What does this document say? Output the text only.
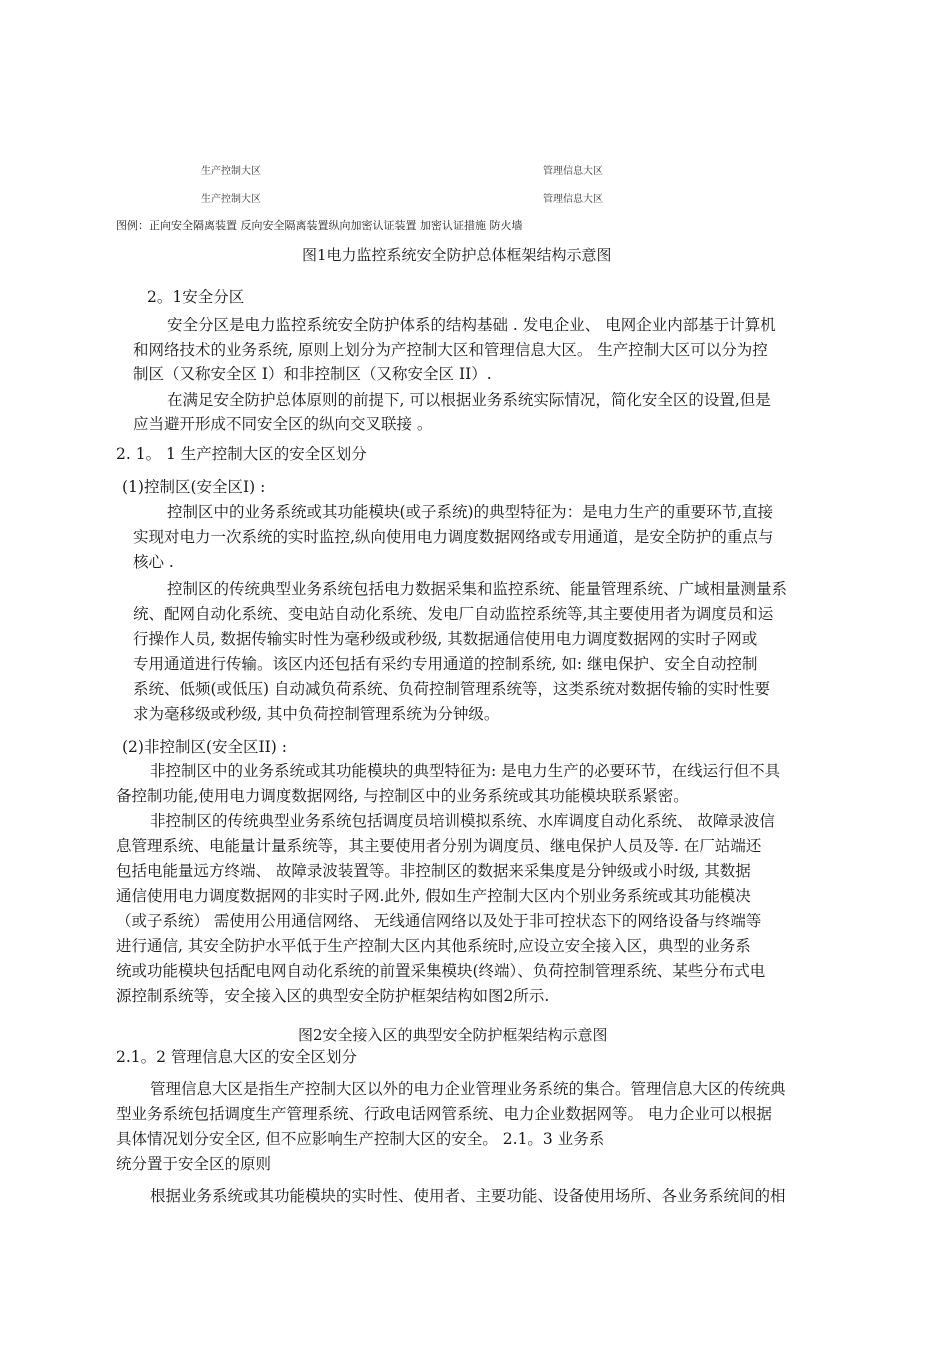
生产控制大区	管理信息大区
生产控制大区	管理信息大区
图例：正向安全隔离装置 反向安全隔离装置纵向加密认证装置 加密认证措施 防火墙
图1电力监控系统安全防护总体框架结构示意图
2。1安全分区
安全分区是电力监控系统安全防护体系的结构基础 . 发电企业、 电网企业内部基于计算机
和网络技术的业务系统, 原则上划分为产控制大区和管理信息大区。 生产控制大区可以分为控
制区（又称安全区 I）和非控制区（又称安全区 II）.
在满足安全防护总体原则的前提下, 可以根据业务系统实际情况，简化安全区的设置,但是
应当避开形成不同安全区的纵向交叉联接 。
2. 1。 1 生产控制大区的安全区划分
(1)控制区(安全区I) :
控制区中的业务系统或其功能模块(或子系统)的典型特征为：是电力生产的重要环节,直接
实现对电力一次系统的实时监控,纵向使用电力调度数据网络或专用通道，是安全防护的重点与
核心 .
控制区的传统典型业务系统包括电力数据采集和监控系统、能量管理系统、广域相量测量系
统、配网自动化系统、变电站自动化系统、发电厂自动监控系统等,其主要使用者为调度员和运
行操作人员, 数据传输实时性为毫秒级或秒级, 其数据通信使用电力调度数据网的实时子网或
专用通道进行传输。该区内还包括有采约专用通道的控制系统, 如: 继电保护、安全自动控制
系统、低频(或低压) 自动减负荷系统、负荷控制管理系统等，这类系统对数据传输的实时性要
求为毫移级或秒级, 其中负荷控制管理系统为分钟级。
(2)非控制区(安全区II) :
非控制区中的业务系统或其功能模块的典型特征为: 是电力生产的必要环节，在线运行但不具
备控制功能,使用电力调度数据网络, 与控制区中的业务系统或其功能模块联系紧密。
非控制区的传统典型业务系统包括调度员培训模拟系统、水库调度自动化系统、 故障录波信
息管理系统、电能量计量系统等，其主要使用者分别为调度员、继电保护人员及等. 在厂站端还
包括电能量远方终端、 故障录波装置等。非控制区的数据来采集度是分钟级或小时级, 其数据
通信使用电力调度数据网的非实时子网.此外, 假如生产控制大区内个别业务系统或其功能模决
（或子系统） 需使用公用通信网络、 无线通信网络以及处于非可控状态下的网络设备与终端等
进行通信, 其安全防护水平低于生产控制大区内其他系统时,应设立安全接入区，典型的业务系
统或功能模块包括配电网自动化系统的前置采集模块(终端）、负荷控制管理系统、某些分布式电
源控制系统等，安全接入区的典型安全防护框架结构如图2所示.
图2安全接入区的典型安全防护框架结构示意图
2.1。2 管理信息大区的安全区划分
管理信息大区是指生产控制大区以外的电力企业管理业务系统的集合。管理信息大区的传统典
型业务系统包括调度生产管理系统、行政电话网管系统、电力企业数据网等。 电力企业可以根据
具体情况划分安全区, 但不应影响生产控制大区的安全。 2.1。3 业务系
统分置于安全区的原则
根据业务系统或其功能模块的实时性、使用者、主要功能、设备使用场所、各业务系统间的相
